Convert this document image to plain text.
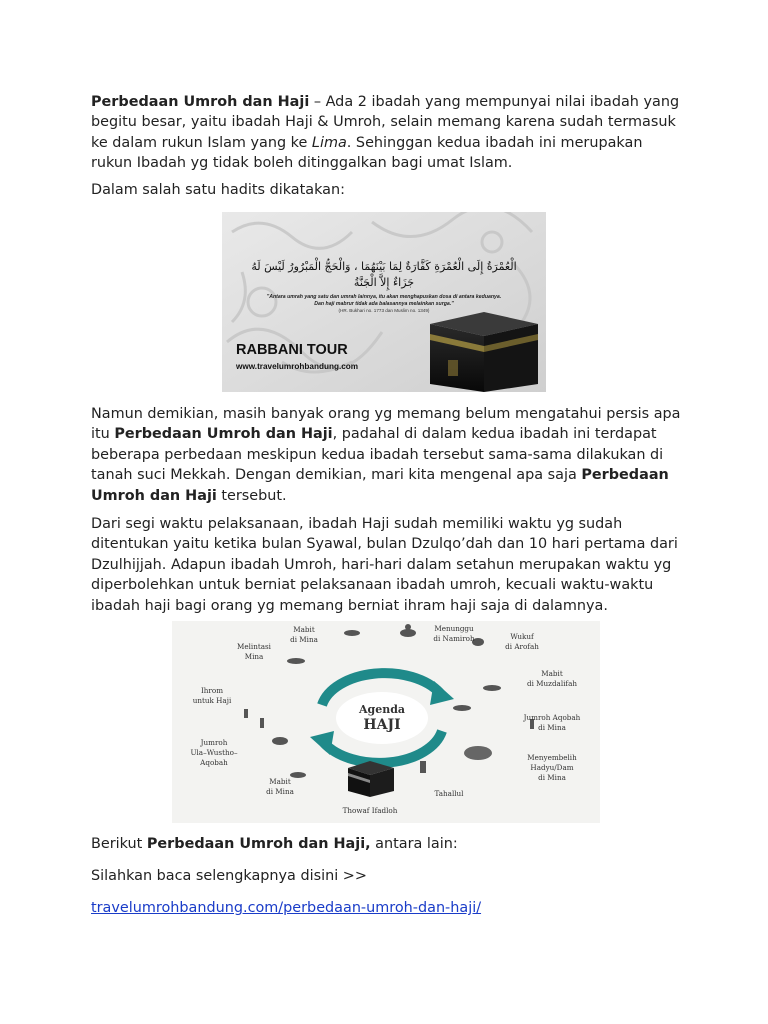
Perbedaan Umroh dan Haji – Ada 2 ibadah yang mempunyai nilai ibadah yang begitu besar, yaitu ibadah Haji & Umroh, selain memang karena sudah termasuk ke dalam rukun Islam yang ke Lima. Sehinggan kedua ibadah ini merupakan rukun Ibadah yg tidak boleh ditinggalkan bagi umat Islam.

Dalam salah satu hadits dikatakan:

Namun demikian, masih banyak orang yg memang belum mengatahui persis apa itu Perbedaan Umroh dan Haji, padahal di dalam kedua ibadah ini terdapat beberapa perbedaan meskipun kedua ibadah tersebut sama-sama dilakukan di tanah suci Mekkah. Dengan demikian, mari kita mengenal apa saja Perbedaan Umroh dan Haji tersebut.

Dari segi waktu pelaksanaan, ibadah Haji sudah memiliki waktu yg sudah ditentukan yaitu ketika bulan Syawal, bulan Dzulqo’dah dan 10 hari pertama dari Dzulhijjah. Adapun ibadah Umroh, hari-hari dalam setahun merupakan waktu yg diperbolehkan untuk berniat pelaksanaan ibadah umroh, kecuali waktu-waktu ibadah haji bagi orang yg memang berniat ihram haji saja di dalamnya.

Berikut Perbedaan Umroh dan Haji, antara lain:

Silahkan baca selengkapnya disini >>

travelumrohbandung.com/perbedaan-umroh-dan-haji/

الْعُمْرَةُ إِلَى الْعُمْرَةِ كَفَّارَةٌ لِمَا بَيْنَهُمَا ، وَالْحَجُّ الْمَبْرُورُ لَيْسَ لَهُ
جَزَاءٌ إِلاَّ الْجَنَّةُ
"Antara umrah yang satu dan umrah lainnya, itu akan menghapuskan dosa di antara keduanya.
Dan haji mabrur tidak ada balasannya melainkan surga."
(HR. Bukhari no. 1773 dan Muslim no. 1349)
RABBANI TOUR
www.travelumrohbandung.com
Agenda
HAJI
Mabit
di Mina
Menunggu
di Namiroh	Wukuf
di Arofah
Mabit
di Muzdalifah
Jumroh Aqobah
di Mina
Menyembelih
Hadyu/Dam
di Mina
Tahallul
Thowaf Ifadloh
Mabit
di Mina
Jumroh
Ula–Wustho–
Aqobah
Ihrom
untuk Haji
Melintasi
Mina
